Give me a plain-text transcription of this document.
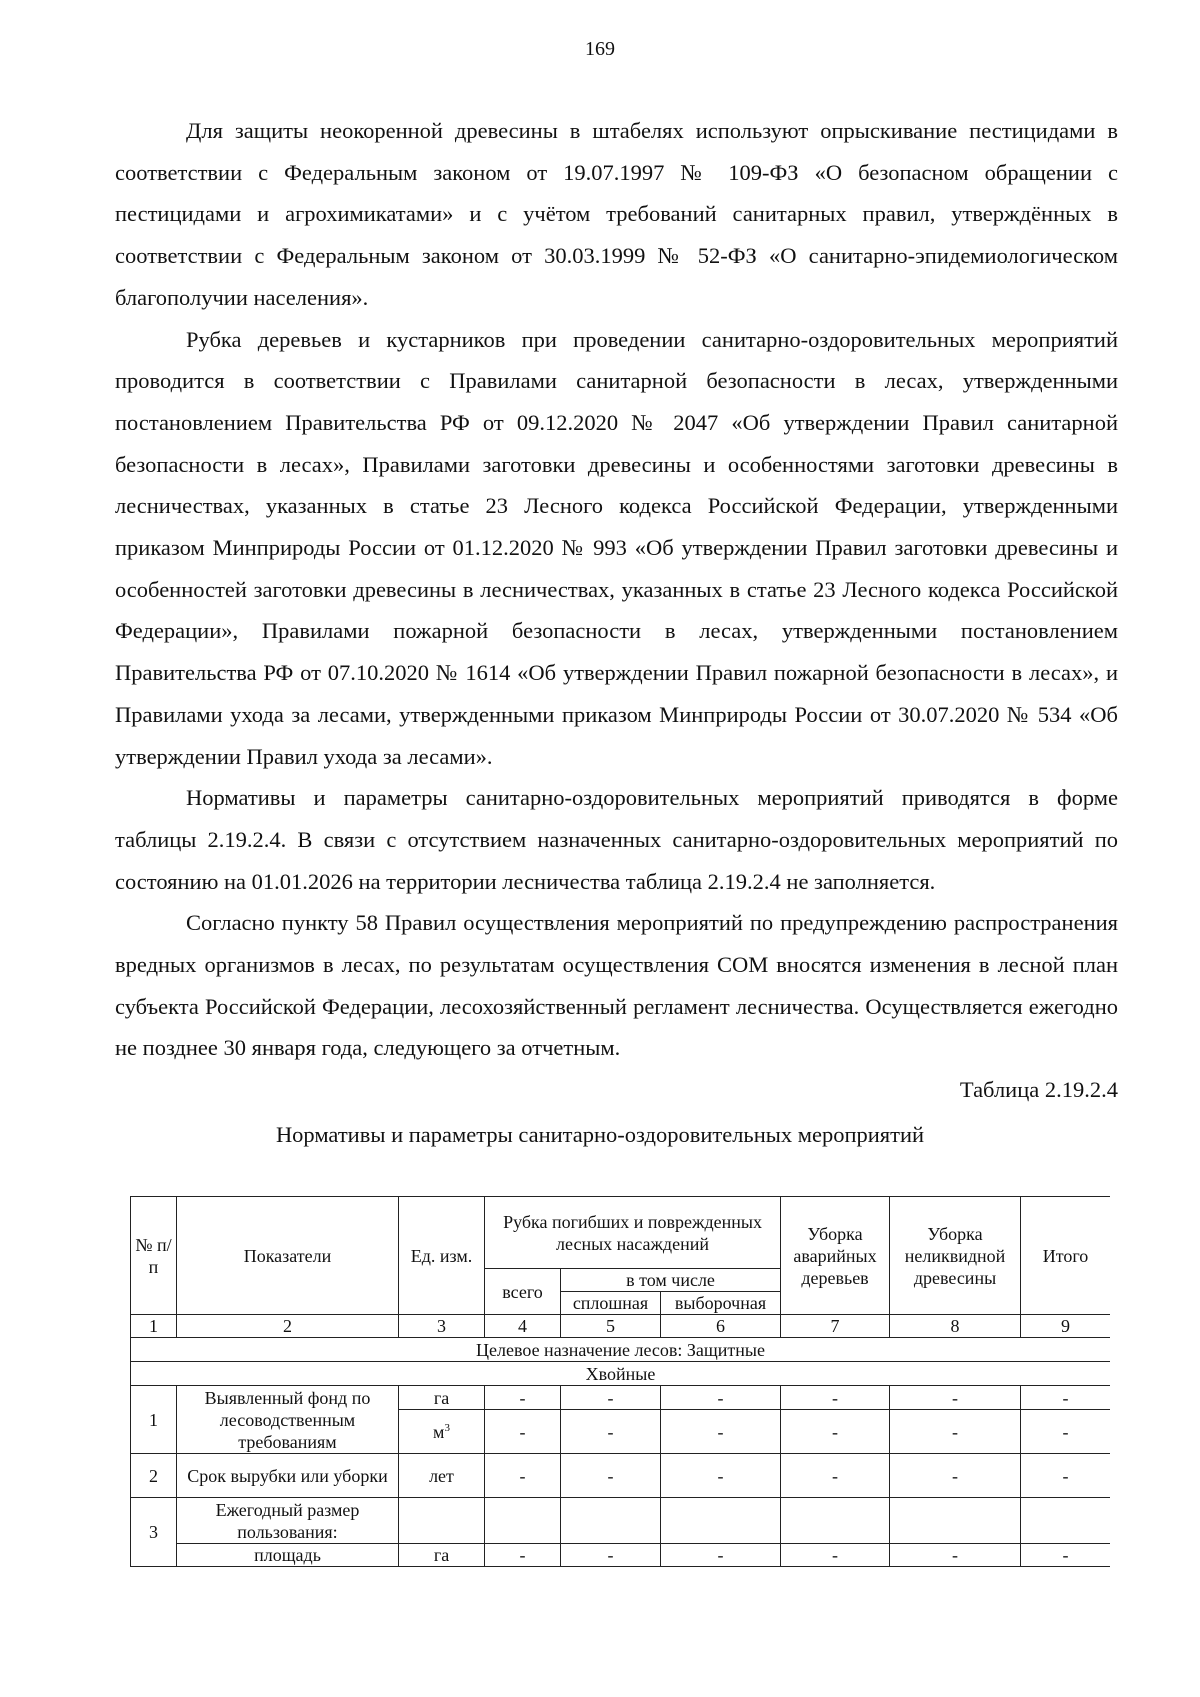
169

Для защиты неокоренной древесины в штабелях используют опрыскивание пестицидами в соответствии с Федеральным законом от 19.07.1997 № 109-ФЗ «О безопасном обращении с пестицидами и агрохимикатами» и с учётом требований санитарных правил, утверждённых в соответствии с Федеральным законом от 30.03.1999 № 52-ФЗ «О санитарно-эпидемиологическом благополучии населения».

Рубка деревьев и кустарников при проведении санитарно-оздоровительных мероприятий проводится в соответствии с Правилами санитарной безопасности в лесах, утвержденными постановлением Правительства РФ от 09.12.2020 № 2047 «Об утверждении Правил санитарной безопасности в лесах», Правилами заготовки древесины и особенностями заготовки древесины в лесничествах, указанных в статье 23 Лесного кодекса Российской Федерации, утвержденными приказом Минприроды России от 01.12.2020 № 993 «Об утверждении Правил заготовки древесины и особенностей заготовки древесины в лесничествах, указанных в статье 23 Лесного кодекса Российской Федерации», Правилами пожарной безопасности в лесах, утвержденными постановлением Правительства РФ от 07.10.2020 № 1614 «Об утверждении Правил пожарной безопасности в лесах», и Правилами ухода за лесами, утвержденными приказом Минприроды России от 30.07.2020 № 534 «Об утверждении Правил ухода за лесами».

Нормативы и параметры санитарно-оздоровительных мероприятий приводятся в форме таблицы 2.19.2.4. В связи с отсутствием назначенных санитарно-оздоровительных мероприятий по состоянию на 01.01.2026 на территории лесничества таблица 2.19.2.4 не заполняется.

Согласно пункту 58 Правил осуществления мероприятий по предупреждению распространения вредных организмов в лесах, по результатам осуществления СОМ вносятся изменения в лесной план субъекта Российской Федерации, лесохозяйственный регламент лесничества. Осуществляется ежегодно не позднее 30 января года, следующего за отчетным.

Таблица 2.19.2.4
Нормативы и параметры санитарно-оздоровительных мероприятий
№ п/п	Показатели	Ед. изм.	Рубка погибших и поврежденных лесных насаждений			Уборка аварийных деревьев	Уборка неликвидной древесины	Итого
			всего	в том числе				
				сплошная	выборочная			
1	2	3	4	5	6	7	8	9
Целевое назначение лесов: Защитные								
Хвойные								
1	Выявленный фонд по лесоводственным требованиям	га	-	-	-	-	-	-
		$м^3$	-	-	-	-	-	-
2	Срок вырубки или уборки	лет	-	-	-	-	-	-
3	Ежегодный размер пользования:							
	площадь	га	-	-	-	-	-	-
